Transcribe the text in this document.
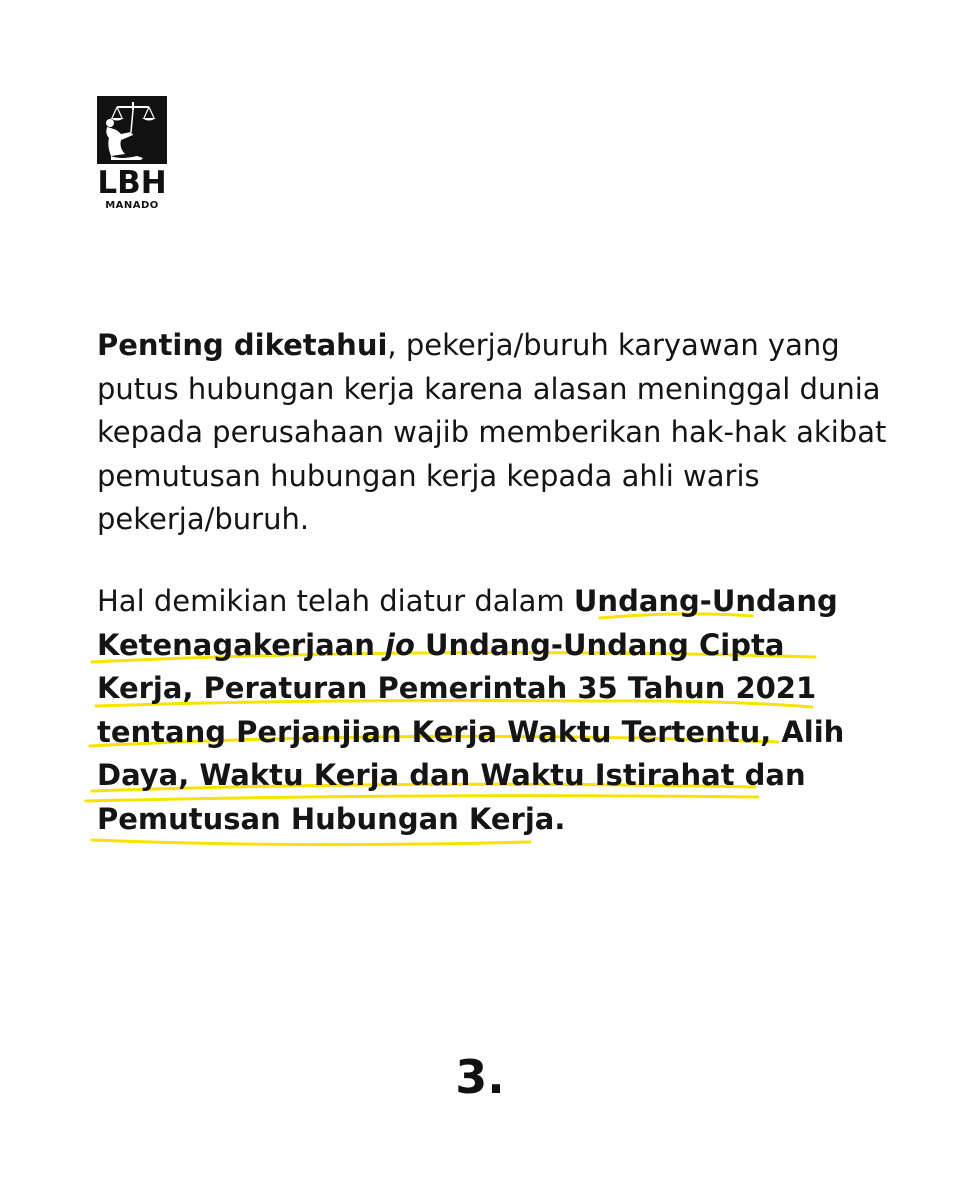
LBH
MANADO
Penting diketahui, pekerja/buruh karyawan yang putus hubungan kerja karena alasan meninggal dunia kepada perusahaan wajib memberikan hak-hak akibat pemutusan hubungan kerja kepada ahli waris pekerja/buruh.
Hal demikian telah diatur dalam Undang-Undang Ketenagakerjaan jo Undang-Undang Cipta Kerja, Peraturan Pemerintah 35 Tahun 2021 tentang Perjanjian Kerja Waktu Tertentu, Alih Daya, Waktu Kerja dan Waktu Istirahat dan Pemutusan Hubungan Kerja.
3.
